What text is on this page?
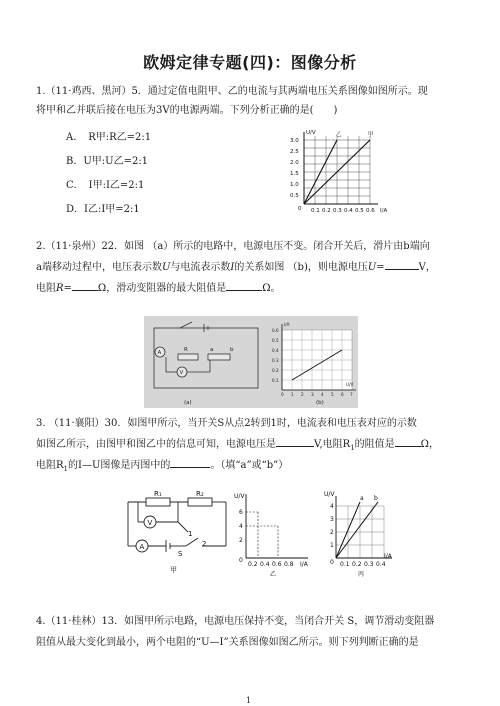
欧姆定律专题(四)：图像分析
1.（11·鸡西、黑河）5．通过定值电阻甲、乙的电流与其两端电压关系图像如图所示。现
将甲和乙并联后接在电压为3V的电源两端。下列分析正确的是(　　)
A．　R甲:R乙=2:1
B．U甲:U乙=2:1
C．　I甲:I乙=2:1
D．I乙:I甲=2:1
U/V	乙	甲
3.0
2.5
2.0
1.5
1.0
0.5
0 0.1 0.2 0.3 0.4 0.5 0.6 I/A
2.（11·泉州）22．如图 （a）所示的电路中，电源电压不变。闭合开关后，滑片由b端向
a端移动过程中，电压表示数U与电流表示数I的关系如图 （b)，则电源电压U=	V，
电阻R=	Ω，滑动变阻器的最大阻值是	Ω。
A
V
R	a	b
(a)	(b)
I/A
0.6
0.5
0.4
0.3
0.2
0.1
0 1 2 3 4 5 6 7
U/V
3. （11·襄阳）30．如图甲所示，当开关S从点2转到1时，电流表和电压表对应的示数
如图乙所示，由图甲和图乙中的信息可知，电源电压是	V,电阻$R_1$的阻值是	Ω，
电阻$R_1$的I—U图像是丙图中的	。（填“a”或“b”）
R₁	R₂
V
A
S
1
2
甲
U/V
6
4
2
0
0.2 0.4 0.6 0.8 I/A
乙
U/V
a b
4
3
2
1
0 0.1 0.2 0.3 0.4
I/A
丙
4.（11·桂林）13．如图甲所示电路，电源电压保持不变，当闭合开关 S，调节滑动变阻器
阻值从最大变化到最小，两个电阻的“U—I”关系图像如图乙所示。则下列判断正确的是
1
